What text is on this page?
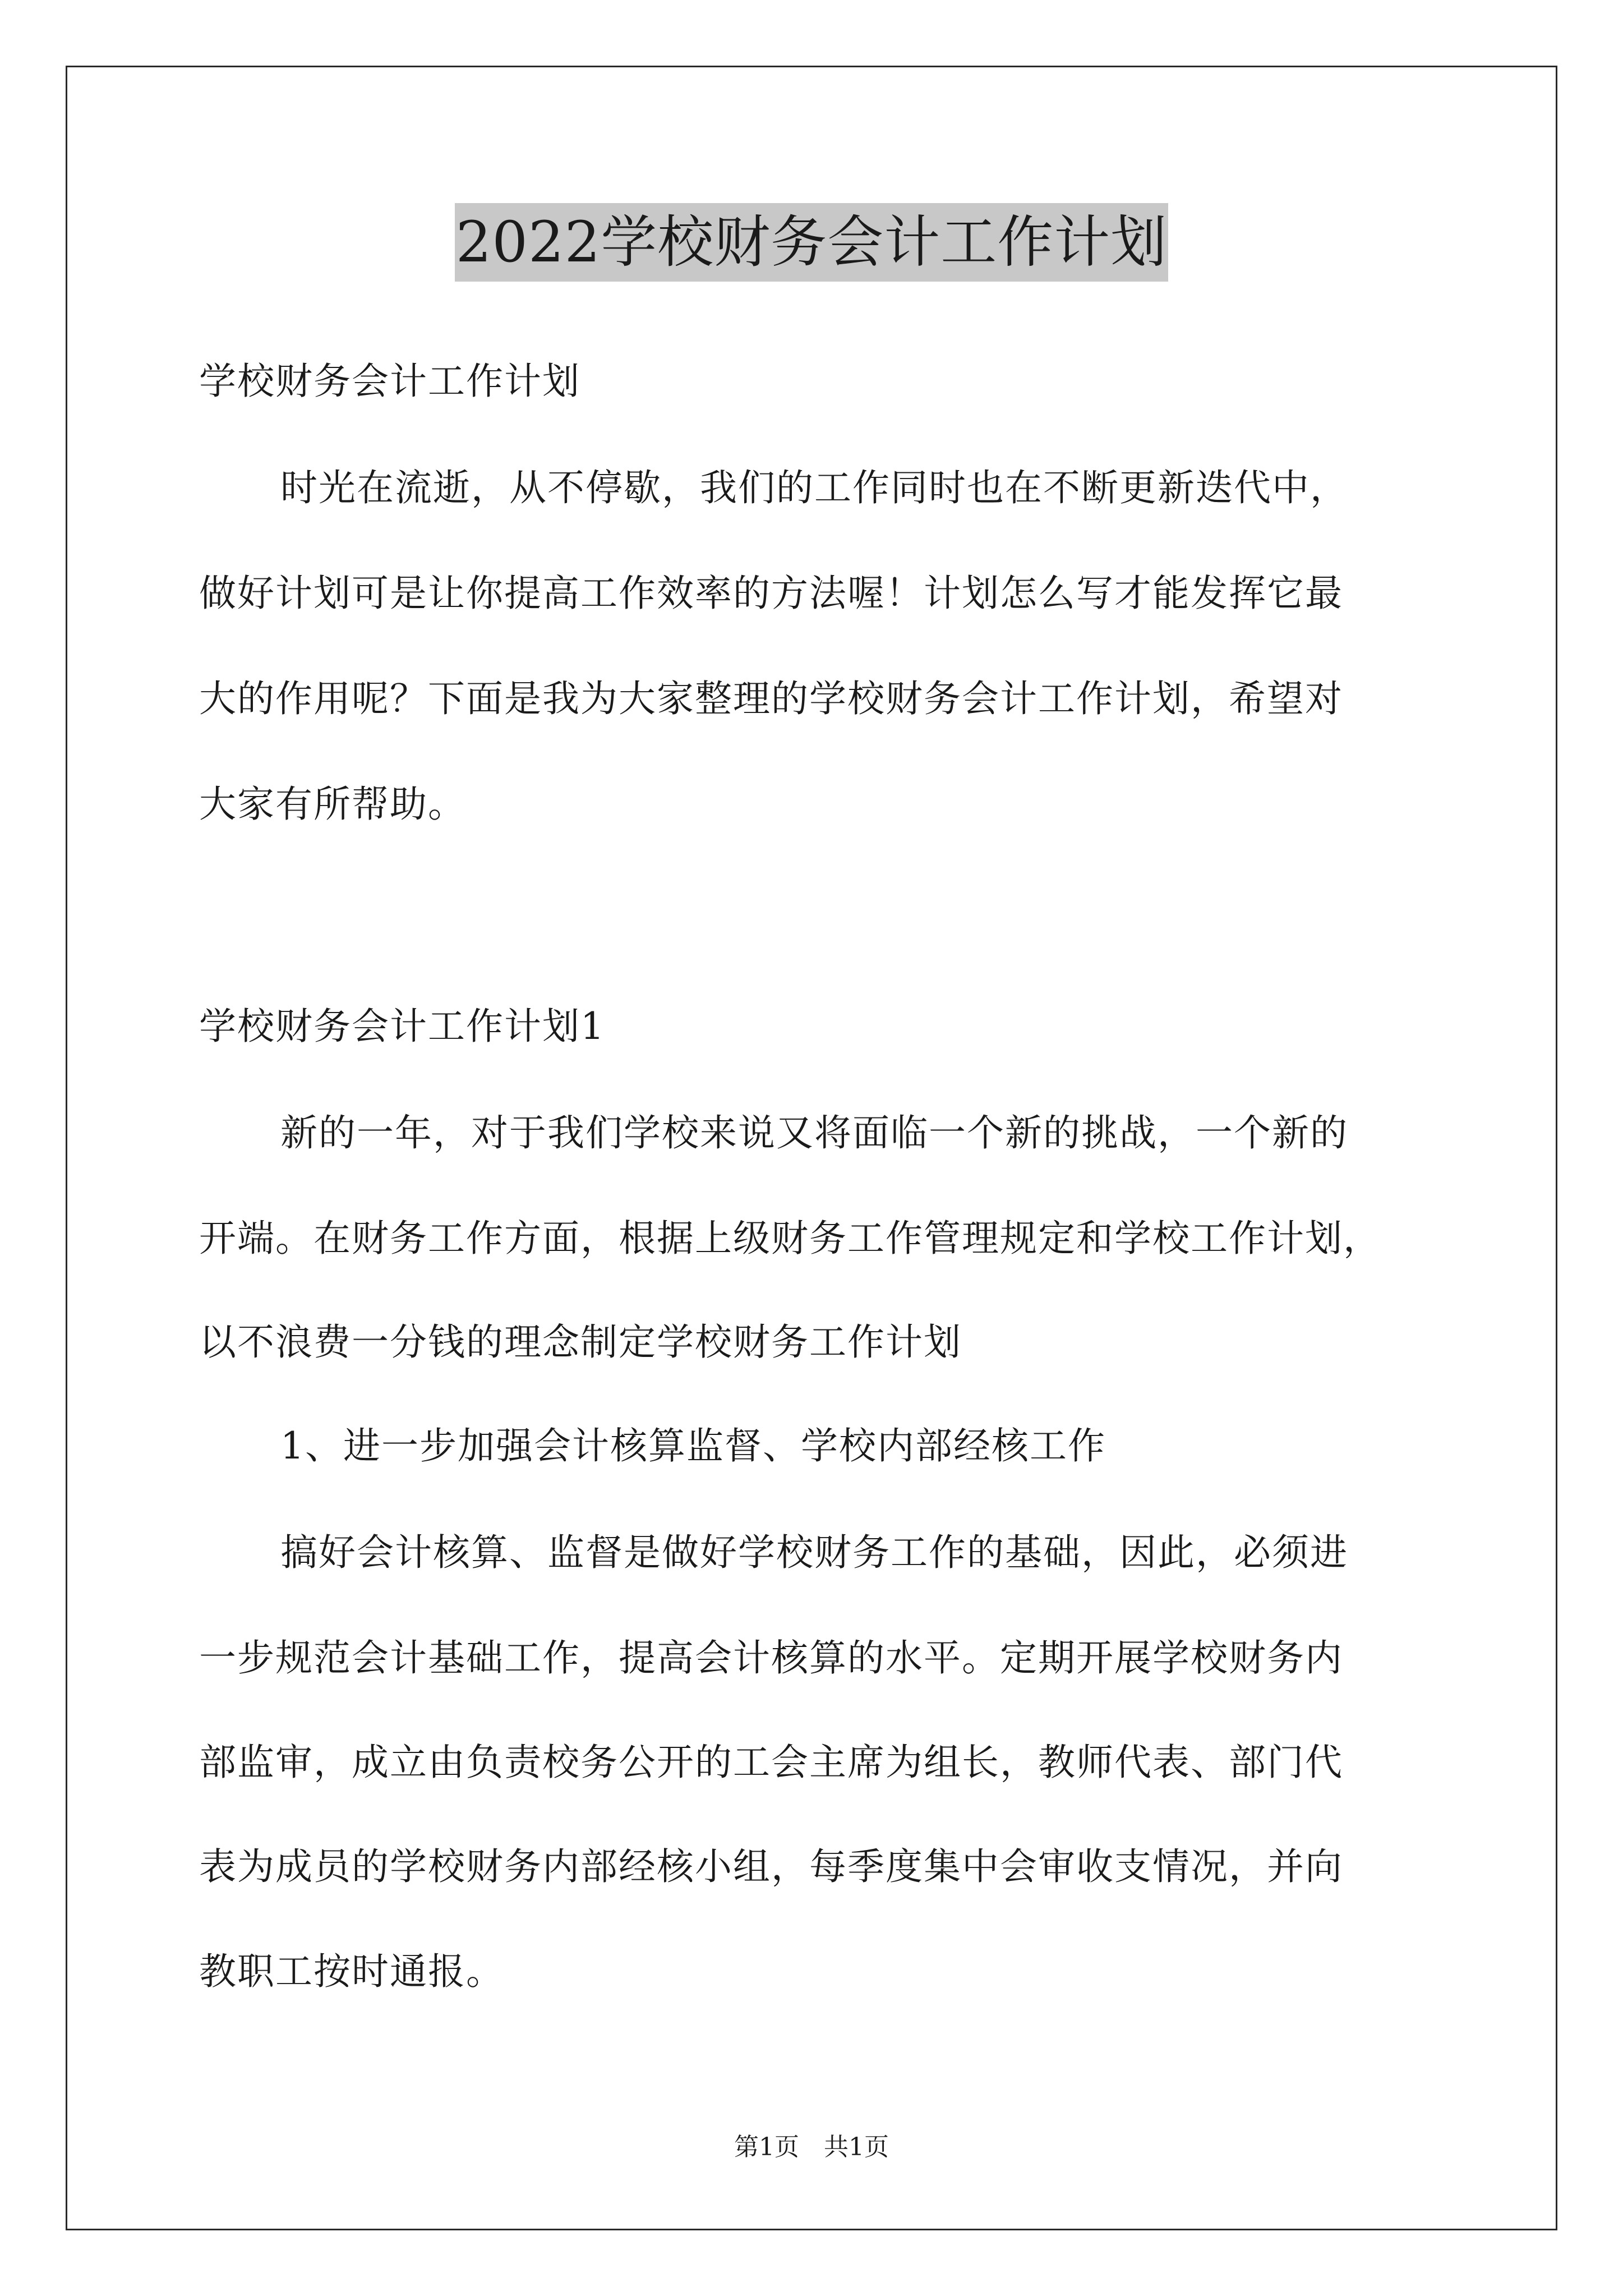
2022学校财务会计工作计划
学校财务会计工作计划
时光在流逝，从不停歇，我们的工作同时也在不断更新迭代中，
做好计划可是让你提高工作效率的方法喔！计划怎么写才能发挥它最
大的作用呢？下面是我为大家整理的学校财务会计工作计划，希望对
大家有所帮助。
学校财务会计工作计划1
新的一年，对于我们学校来说又将面临一个新的挑战，一个新的
开端。在财务工作方面，根据上级财务工作管理规定和学校工作计划，
以不浪费一分钱的理念制定学校财务工作计划
1、进一步加强会计核算监督、学校内部经核工作
搞好会计核算、监督是做好学校财务工作的基础，因此，必须进
一步规范会计基础工作，提高会计核算的水平。定期开展学校财务内
部监审，成立由负责校务公开的工会主席为组长，教师代表、部门代
表为成员的学校财务内部经核小组，每季度集中会审收支情况，并向
教职工按时通报。
第1页　共1页
